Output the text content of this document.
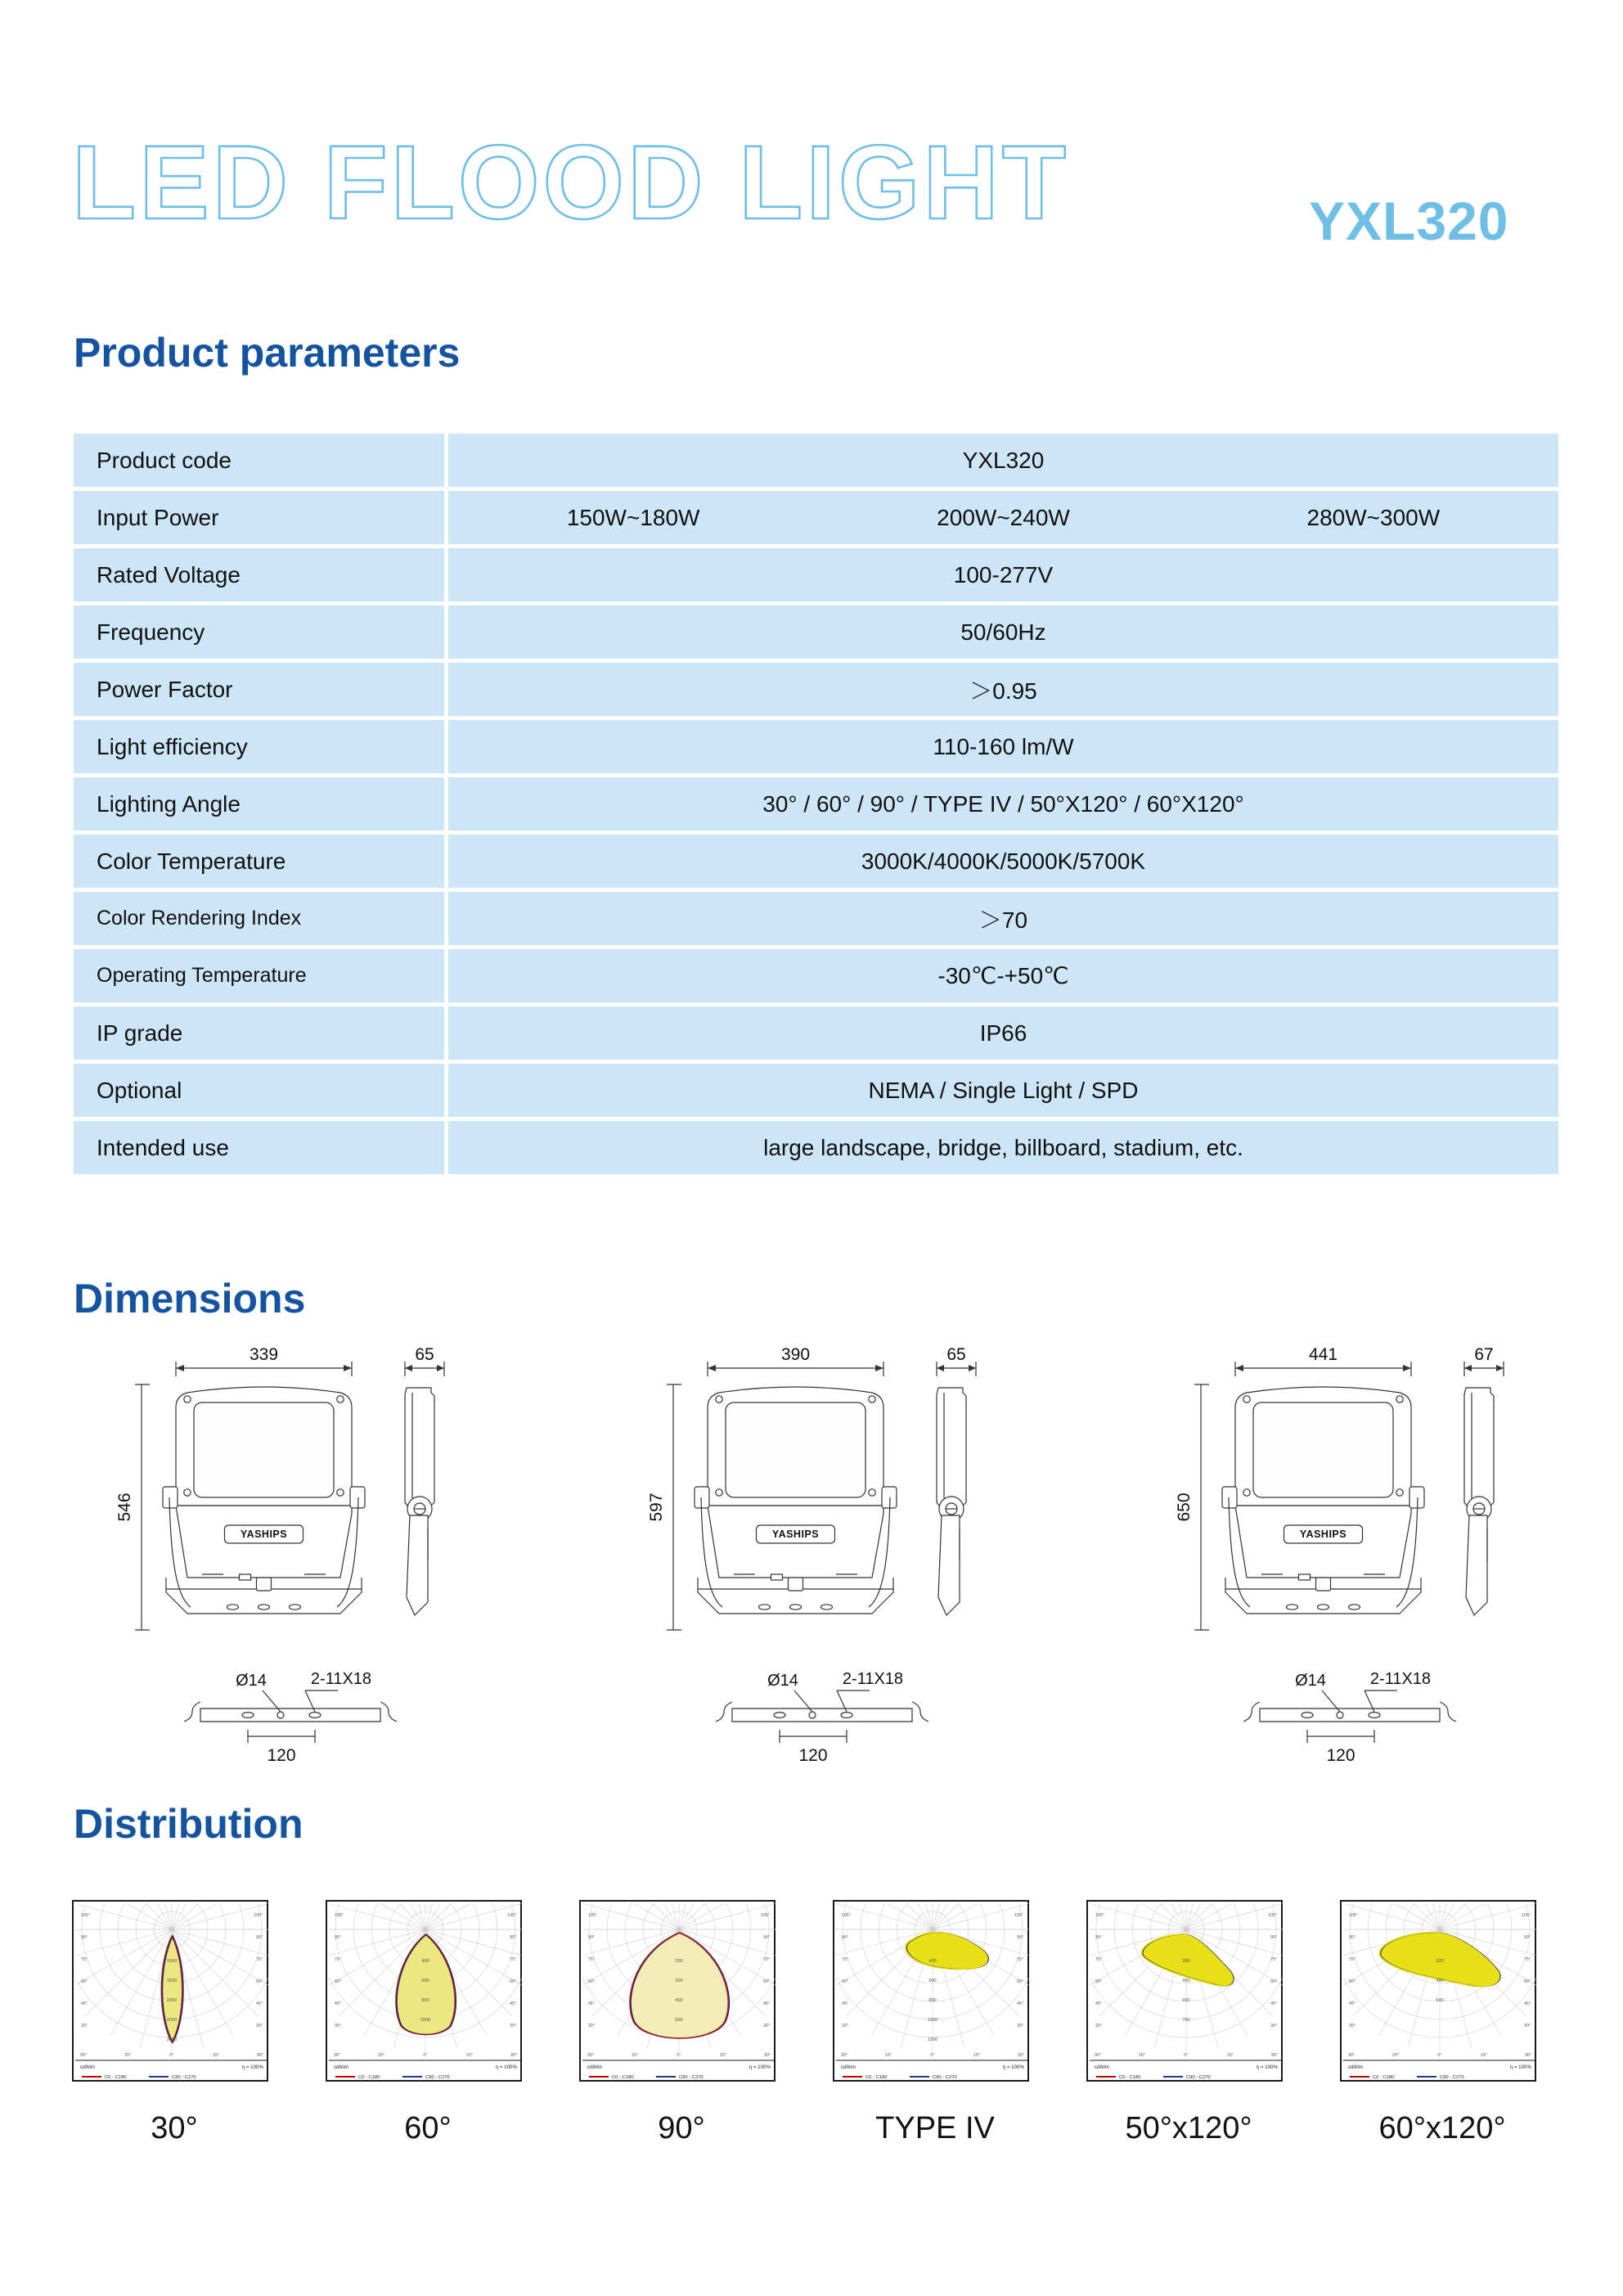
LED FLOOD LIGHT	YXL320
Product parameters
Product code	YXL320
Input Power	150W~180W 200W~240W 280W~300W

Rated Voltage	100-277V
Frequency	50/60Hz
Power Factor	＞0.95
Light efficiency	110-160 lm/W
Lighting Angle	30° / 60° / 90° / TYPE IV / 50°X120° / 60°X120°
Color Temperature	3000K/4000K/5000K/5700K
Color Rendering Index	＞70
Operating Temperature	-30℃-+50℃
IP grade	IP66
Optional	NEMA / Single Light / SPD
Intended use	large landscape, bridge, billboard, stadium, etc.
Dimensions
339
546
YASHIPS
65
Ø14	2-11X18
120
390
597
YASHIPS
65
Ø14	2-11X18
120
441
650
YASHIPS
67
Ø14	2-11X18
120
Distribution
1000
1500
2000
2500
3000
105°	105°
90°	90°
75°	75°
60°	60°
45°	45°
30°	30°
30°	15°	0°	15°	30°
cd/klm	η = 100%
C0 - C180	C90 - C270
30°
400
600
800
1000
105°	105°
90°	90°
75°	75°
60°	60°
45°	45°
30°	30°
30°	15°	0°	15°	30°
cd/klm	η = 100%
C0 - C180	C90 - C270
60°
200
300
400
500
105°	105°
90°	90°
75°	75°
60°	60°
45°	45°
30°	30°
30°	15°	0°	15°	30°
cd/klm	η = 100%
C0 - C180	C90 - C270
90°
400
600
800
1000
1200
105°	105°
90°	90°
75°	75°
60°	60°
45°	45°
30°	30°
30°	15°	0°	15°	30°
cd/klm	η = 100%
C0 - C180	C90 - C270
TYPE IV
300
450
600
750
105°	105°
90°	90°
75°	75°
60°	60°
45°	45°
30°	30°
30°	15°	0°	15°	30°
cd/klm	η = 100%
C0 - C180	C90 - C270
50°x120°
320
480
640
105°	105°
90°	90°
75°	75°
60°	60°
45°	45°
30°	30°
30°	15°	0°	15°	30°
cd/klm	η = 100%
C0 - C180	C90 - C270
60°x120°
